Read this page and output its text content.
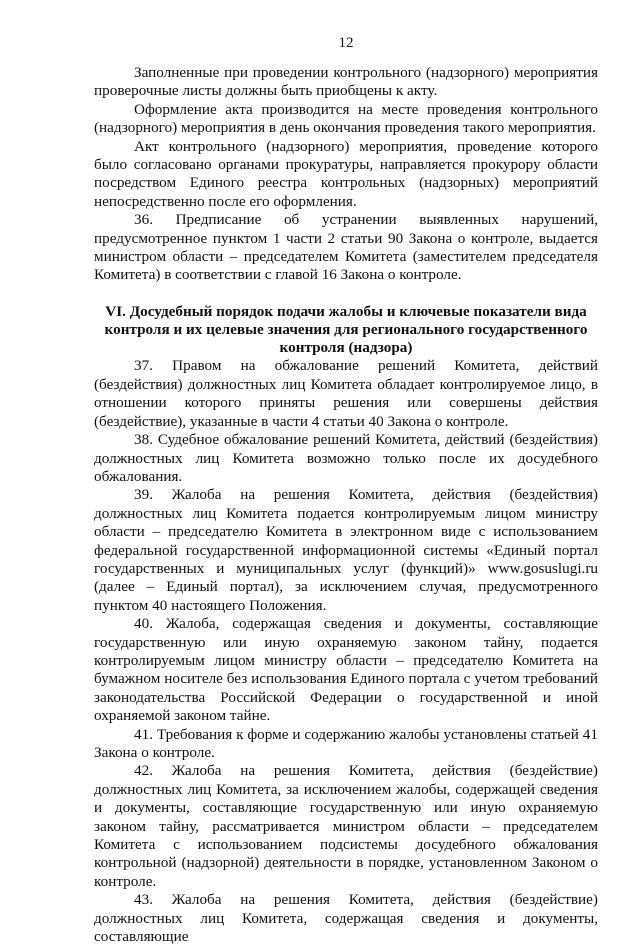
12

Заполненные при проведении контрольного (надзорного) мероприятия проверочные листы должны быть приобщены к акту.

Оформление акта производится на месте проведения контрольного (надзорного) мероприятия в день окончания проведения такого мероприятия.

Акт контрольного (надзорного) мероприятия, проведение которого было согласовано органами прокуратуры, направляется прокурору области посредством Единого реестра контрольных (надзорных) мероприятий непосредственно после его оформления.

36. Предписание об устранении выявленных нарушений, предусмотренное пунктом 1 части 2 статьи 90 Закона о контроле, выдается министром области – председателем Комитета (заместителем председателя Комитета) в соответствии с главой 16 Закона о контроле.

VI. Досудебный порядок подачи жалобы и ключевые показатели вида контроля и их целевые значения для регионального государственного контроля (надзора)

37. Правом на обжалование решений Комитета, действий (бездействия) должностных лиц Комитета обладает контролируемое лицо, в отношении которого приняты решения или совершены действия (бездействие), указанные в части 4 статьи 40 Закона о контроле.

38. Судебное обжалование решений Комитета, действий (бездействия) должностных лиц Комитета возможно только после их досудебного обжалования.

39. Жалоба на решения Комитета, действия (бездействия) должностных лиц Комитета подается контролируемым лицом министру области – председателю Комитета в электронном виде с использованием федеральной государственной информационной системы «Единый портал государственных и муниципальных услуг (функций)» www.gosuslugi.ru (далее – Единый портал), за исключением случая, предусмотренного пунктом 40 настоящего Положения.

40. Жалоба, содержащая сведения и документы, составляющие государственную или иную охраняемую законом тайну, подается контролируемым лицом министру области – председателю Комитета на бумажном носителе без использования Единого портала с учетом требований законодательства Российской Федерации о государственной и иной охраняемой законом тайне.

41. Требования к форме и содержанию жалобы установлены статьей 41 Закона о контроле.

42. Жалоба на решения Комитета, действия (бездействие) должностных лиц Комитета, за исключением жалобы, содержащей сведения и документы, составляющие государственную или иную охраняемую законом тайну, рассматривается министром области – председателем Комитета с использованием подсистемы досудебного обжалования контрольной (надзорной) деятельности в порядке, установленном Законом о контроле.

43. Жалоба на решения Комитета, действия (бездействие) должностных лиц Комитета, содержащая сведения и документы, составляющие
